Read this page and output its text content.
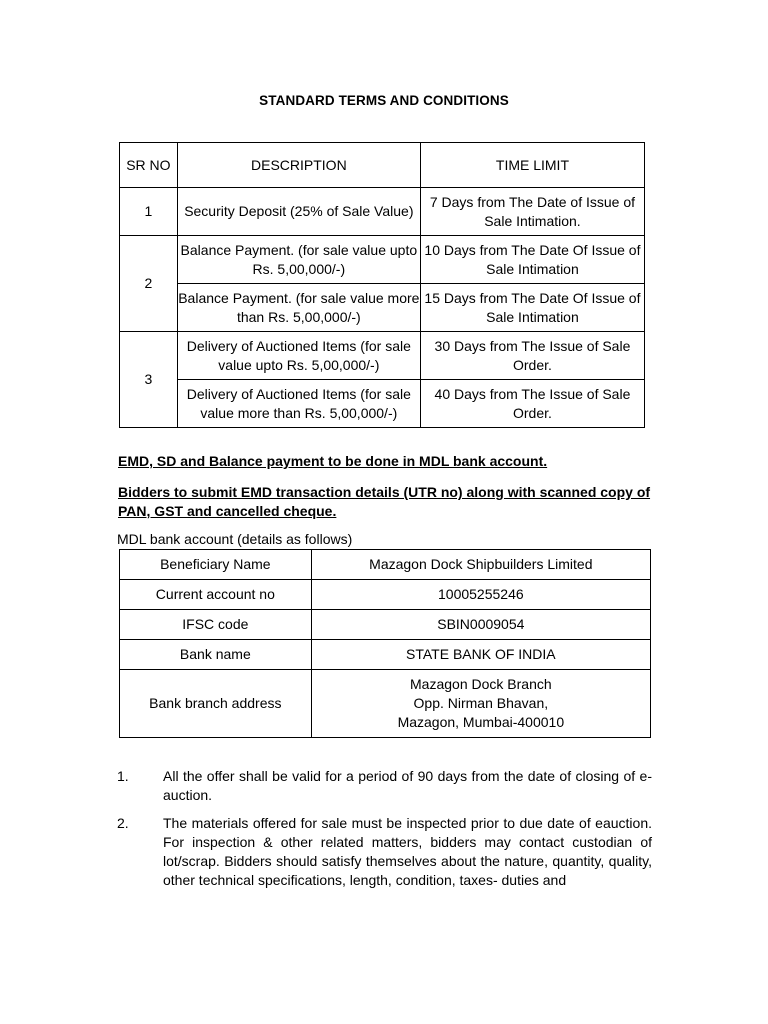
STANDARD TERMS AND CONDITIONS
SR NO	DESCRIPTION	TIME LIMIT
1	Security Deposit (25% of Sale Value)	7 Days from The Date of Issue of Sale Intimation.
2	Balance Payment. (for sale value upto Rs. 5,00,000/-)	10 Days from The Date Of Issue of Sale Intimation
	Balance Payment. (for sale value more than Rs. 5,00,000/-)	15 Days from The Date Of Issue of Sale Intimation
3	Delivery of Auctioned Items (for sale value upto Rs. 5,00,000/-)	30 Days from The Issue of Sale Order.
	Delivery of Auctioned Items (for sale value more than Rs. 5,00,000/-)	40 Days from The Issue of Sale Order.
EMD, SD and Balance payment to be done in MDL bank account.
Bidders to submit EMD transaction details (UTR no) along with scanned copy of PAN, GST and cancelled cheque.
MDL bank account (details as follows)
Beneficiary Name	Mazagon Dock Shipbuilders Limited
Current account no	10005255246
IFSC code	SBIN0009054
Bank name	STATE BANK OF INDIA
Bank branch address	Mazagon Dock Branch
Opp. Nirman Bhavan,
Mazagon, Mumbai-400010
1. All the offer shall be valid for a period of 90 days from the date of closing of e- auction.
2. The materials offered for sale must be inspected prior to due date of eauction. For inspection & other related matters, bidders may contact custodian of lot/scrap. Bidders should satisfy themselves about the nature, quantity, quality, other technical specifications, length, condition, taxes- duties and
